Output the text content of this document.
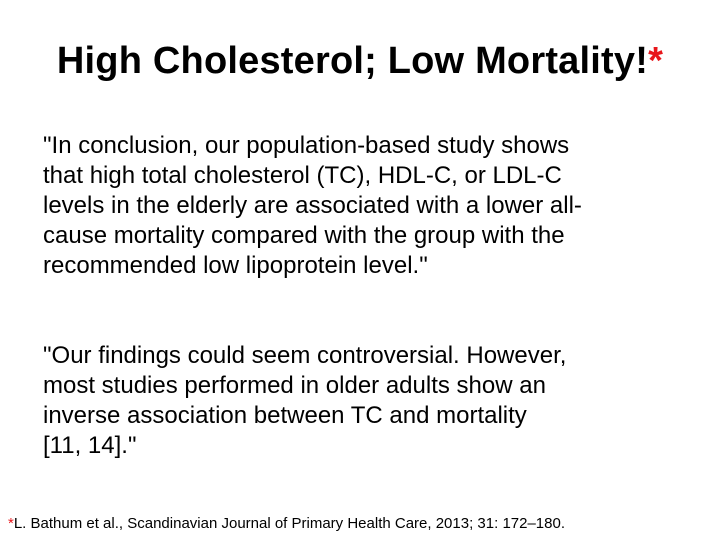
High Cholesterol; Low Mortality!*
"In conclusion, our population-based study shows
that high total cholesterol (TC), HDL-C, or LDL-C
levels in the elderly are associated with a lower all-
cause mortality compared with the group with the
recommended low lipoprotein level."
"Our findings could seem controversial. However,
most studies performed in older adults show an
inverse association between TC and mortality
[11, 14]."
*L. Bathum et al., Scandinavian Journal of Primary Health Care, 2013; 31: 172–180.
